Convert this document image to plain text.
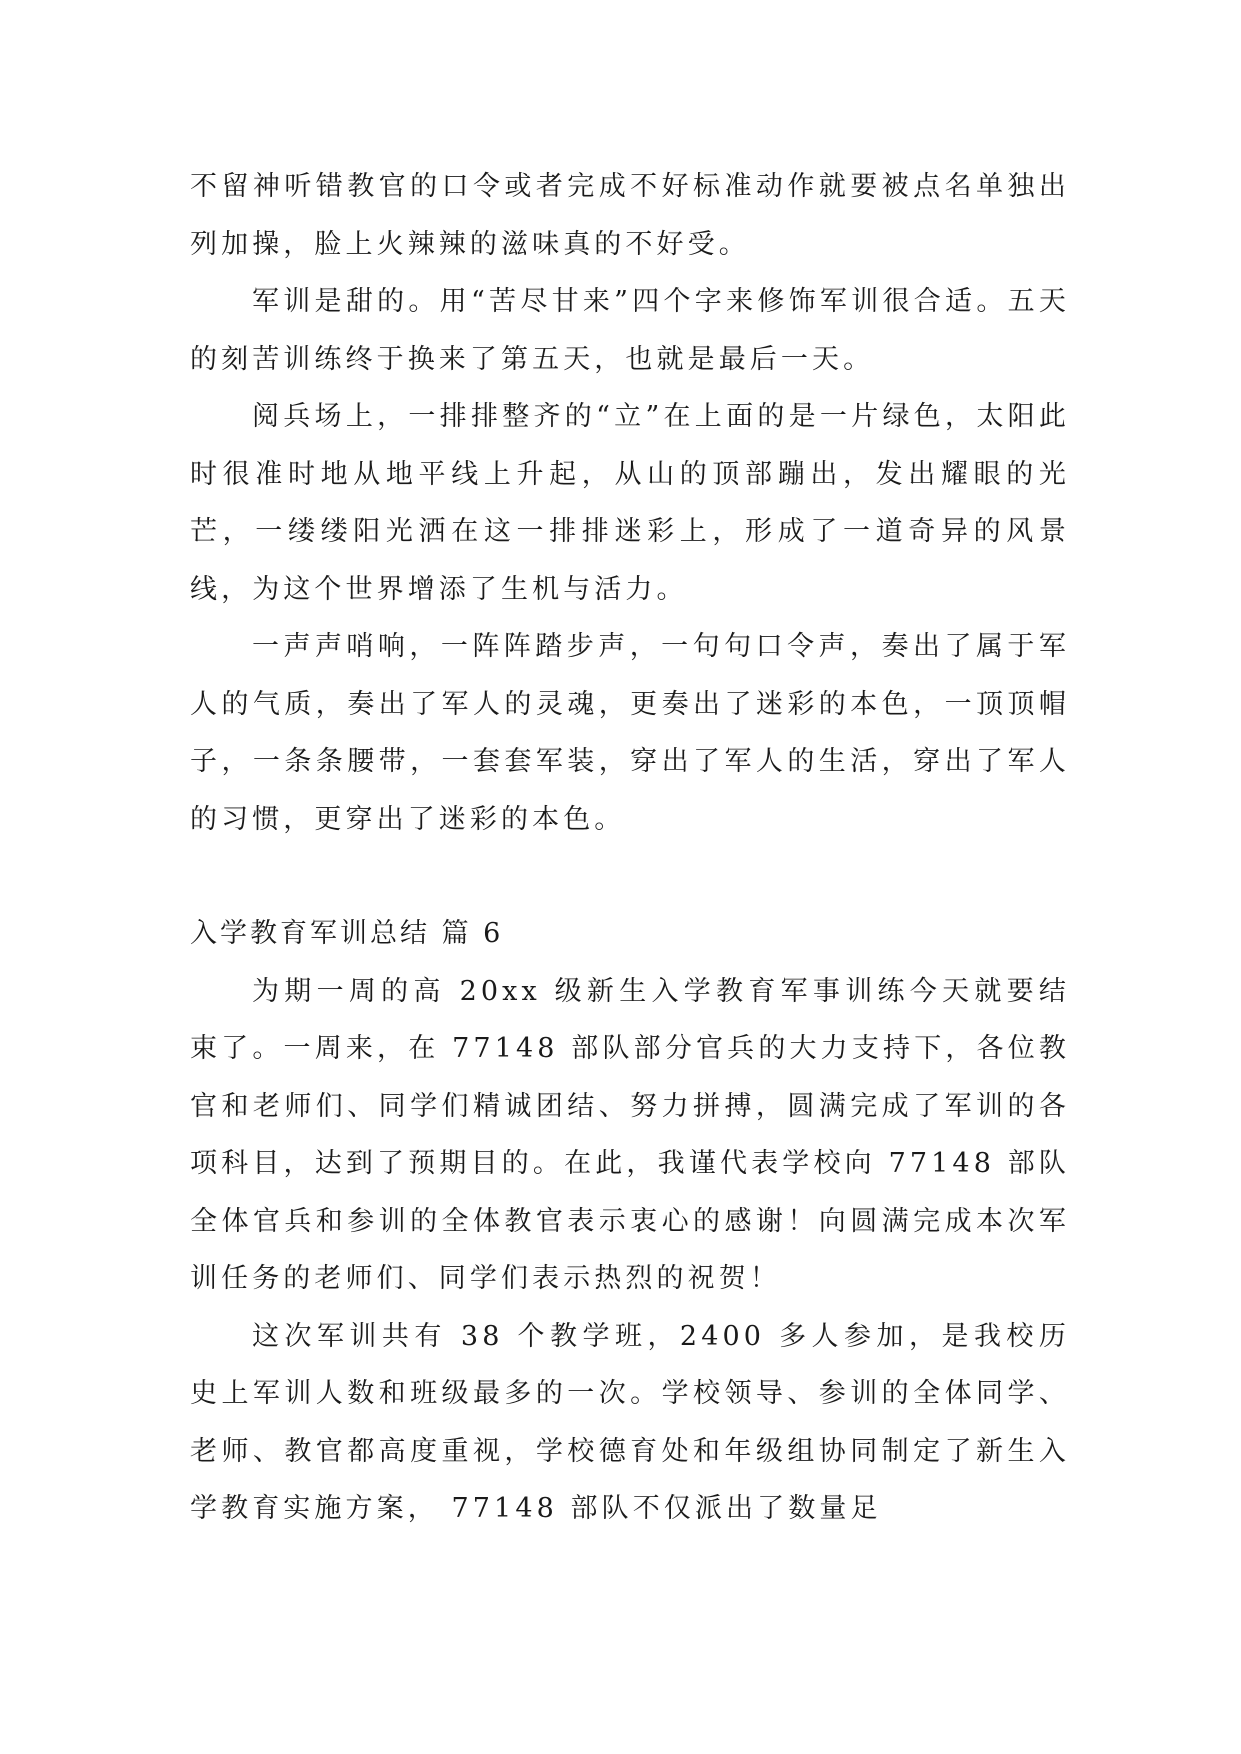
不留神听错教官的口令或者完成不好标准动作就要被点名单独出列加操，脸上火辣辣的滋味真的不好受。

军训是甜的。用“苦尽甘来”四个字来修饰军训很合适。五天的刻苦训练终于换来了第五天，也就是最后一天。

阅兵场上，一排排整齐的“立”在上面的是一片绿色，太阳此时很准时地从地平线上升起，从山的顶部蹦出，发出耀眼的光芒，一缕缕阳光洒在这一排排迷彩上，形成了一道奇异的风景线，为这个世界增添了生机与活力。

一声声哨响，一阵阵踏步声，一句句口令声，奏出了属于军人的气质，奏出了军人的灵魂，更奏出了迷彩的本色，一顶顶帽子，一条条腰带，一套套军装，穿出了军人的生活，穿出了军人的习惯，更穿出了迷彩的本色。

入学教育军训总结 篇 6

为期一周的高 20xx 级新生入学教育军事训练今天就要结束了。一周来，在 77148 部队部分官兵的大力支持下，各位教官和老师们、同学们精诚团结、努力拼搏，圆满完成了军训的各项科目，达到了预期目的。在此，我谨代表学校向 77148 部队全体官兵和参训的全体教官表示衷心的感谢！向圆满完成本次军训任务的老师们、同学们表示热烈的祝贺！

这次军训共有 38 个教学班，2400 多人参加，是我校历史上军训人数和班级最多的一次。学校领导、参训的全体同学、老师、教官都高度重视，学校德育处和年级组协同制定了新生入学教育实施方案， 77148 部队不仅派出了数量足
